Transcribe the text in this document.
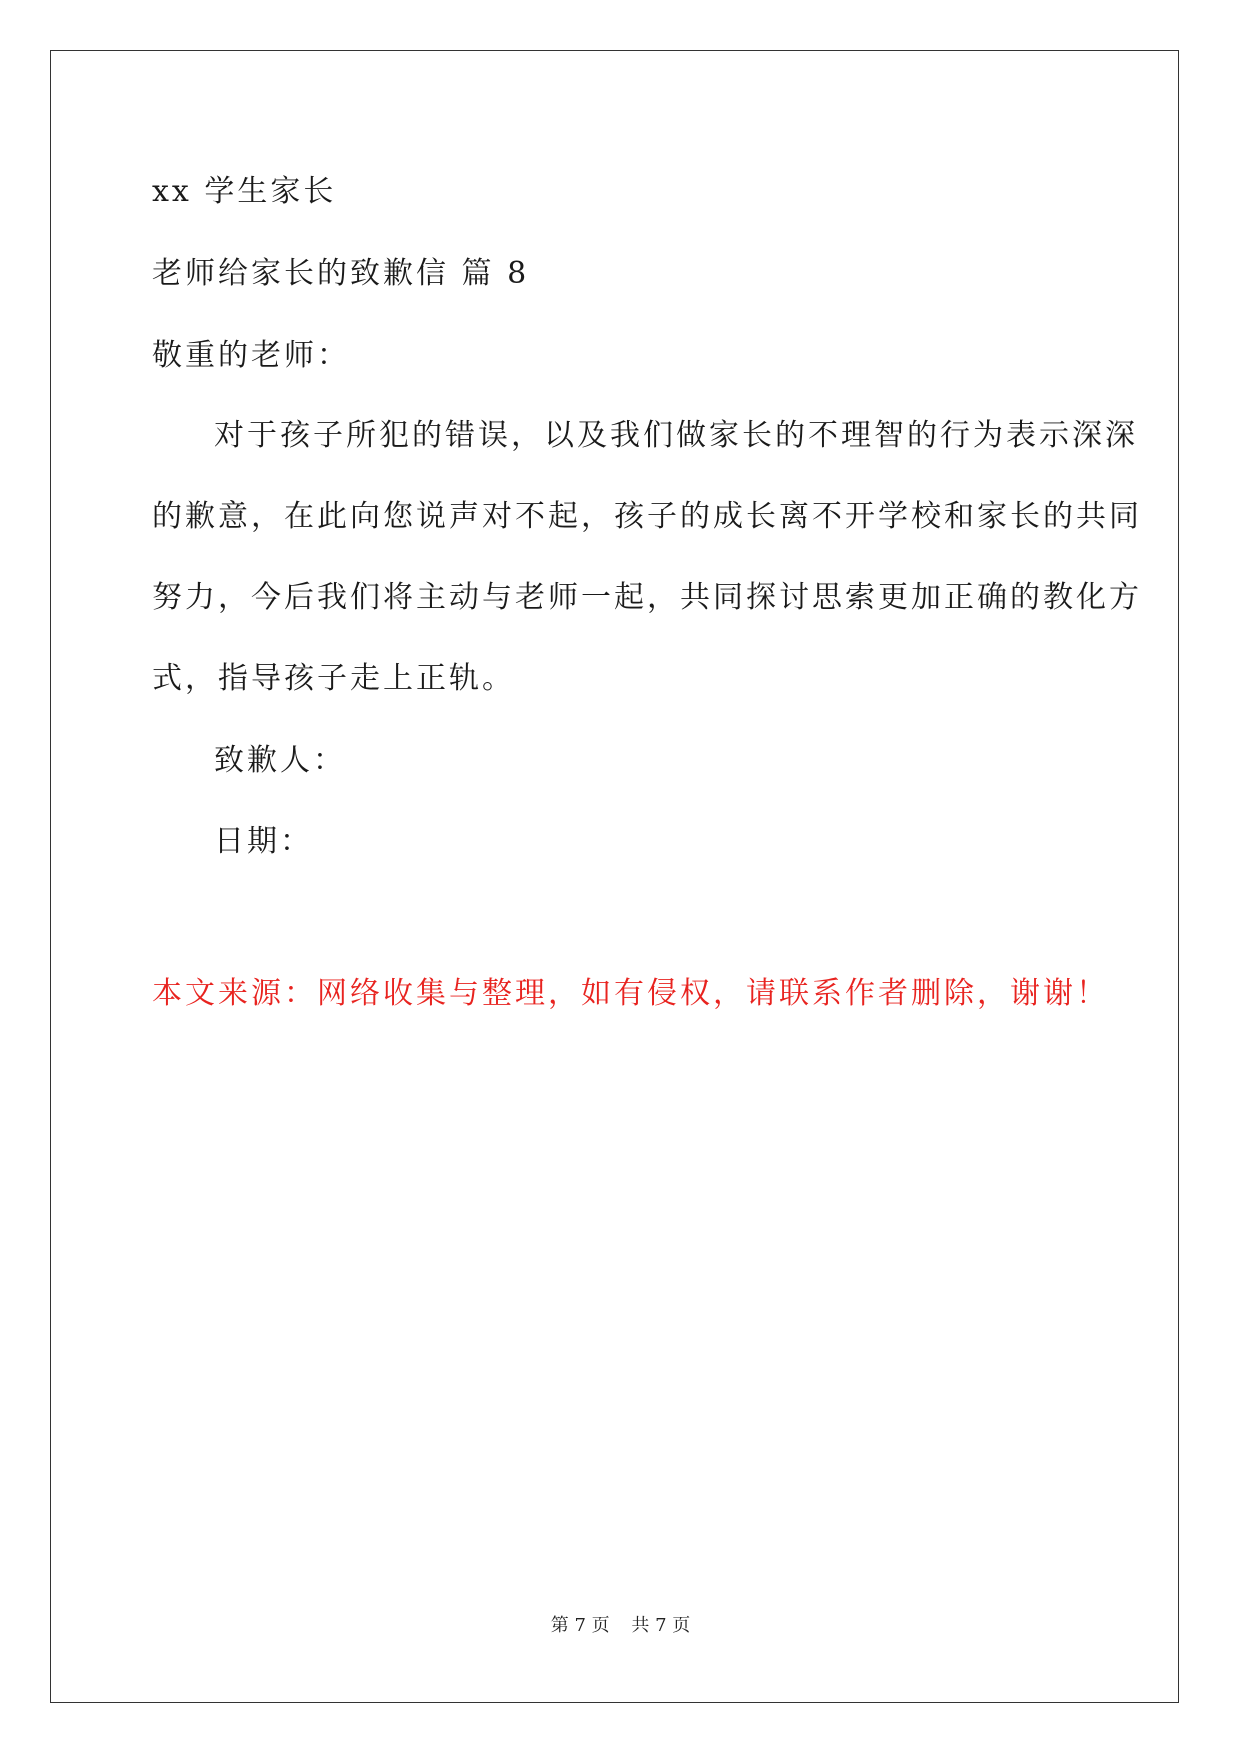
xx 学生家长
老师给家长的致歉信 篇 8
敬重的老师：
对于孩子所犯的错误，以及我们做家长的不理智的行为表示深深
的歉意，在此向您说声对不起，孩子的成长离不开学校和家长的共同
努力，今后我们将主动与老师一起，共同探讨思索更加正确的教化方
式，指导孩子走上正轨。
致歉人：
日期：
本文来源：网络收集与整理，如有侵权，请联系作者删除，谢谢！
第 7 页 共 7 页
